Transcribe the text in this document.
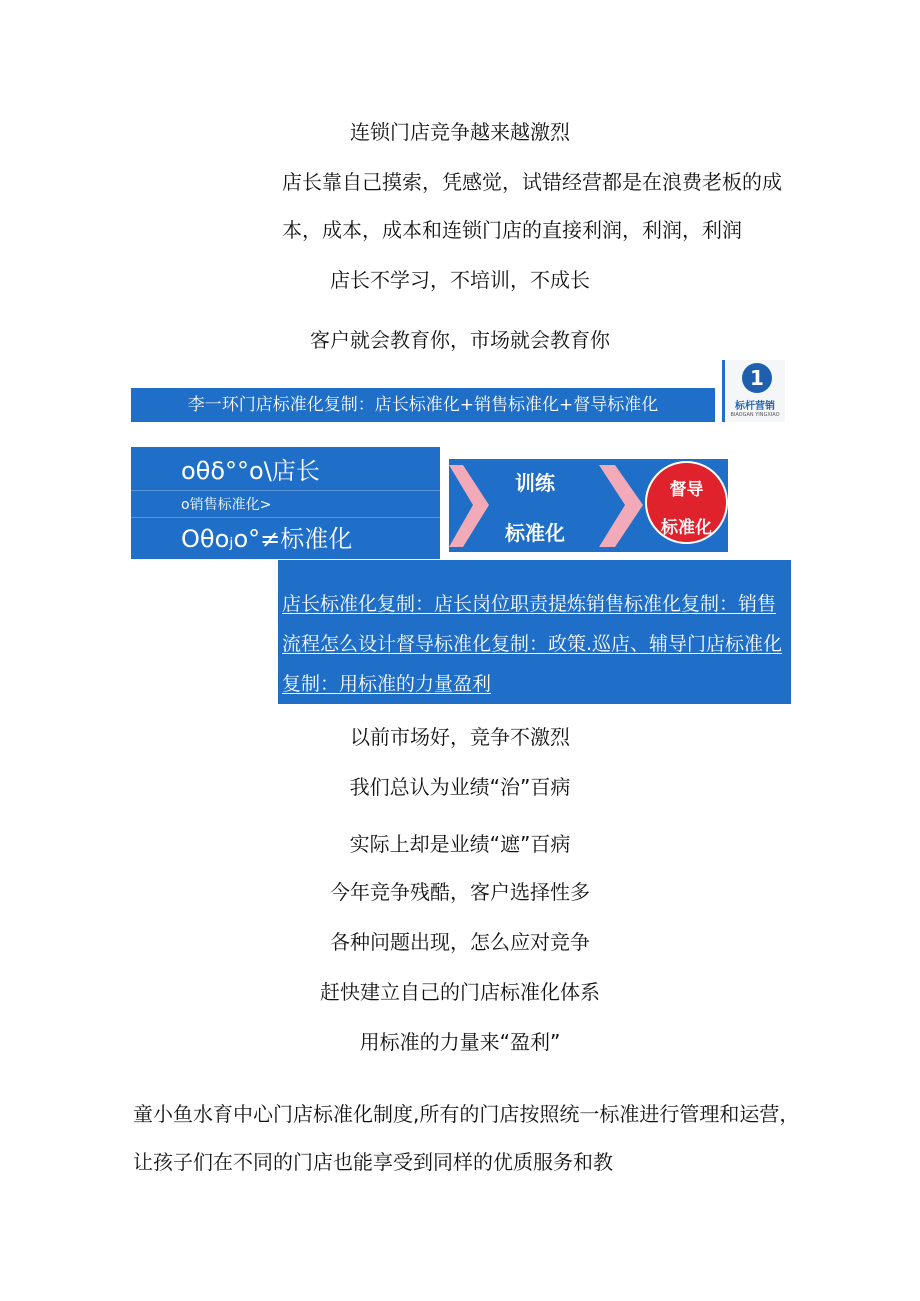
连锁门店竞争越来越激烈
店长靠自己摸索，凭感觉，试错经营都是在浪费老板的成
本，成本，成本和连锁门店的直接利润，利润，利润
店长不学习，不培训，不成长
客户就会教育你，市场就会教育你
李一环门店标准化复制：店长标准化+销售标准化+督导标准化
1
标杆营销
BIAOGAN YINGXIAO
oθδ°°o\店长
o销售标准化>
Oθoⱼo°≠标准化
训练
标准化
督导
标准化
店长标准化复制：店长岗位职责提炼销售标准化复制：销售流程怎么设计督导标准化复制：政策.巡店、辅导门店标准化复制：用标准的力量盈利
以前市场好，竞争不激烈
我们总认为业绩“治”百病
实际上却是业绩“遮”百病
今年竞争残酷，客户选择性多
各种问题出现，怎么应对竞争
赶快建立自己的门店标准化体系
用标准的力量来“盈利”
童小鱼水育中心门店标准化制度,所有的门店按照统一标准进行管理和运营，
让孩子们在不同的门店也能享受到同样的优质服务和教
